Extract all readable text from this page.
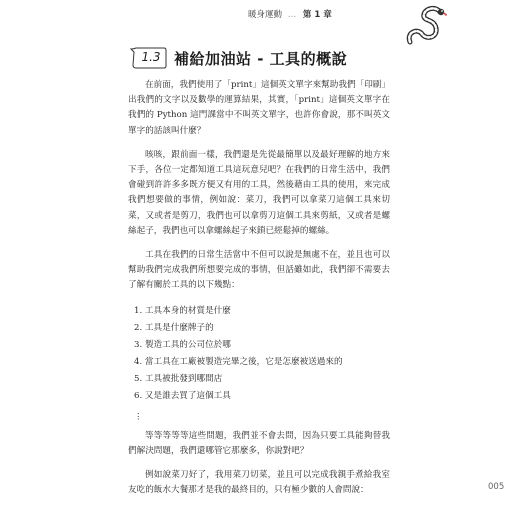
暖身運動 … 第 1 章
1.3 補給加油站 - 工具的概說

在前面，我們使用了「print」這個英文單字來幫助我們「印刷」出我們的文字以及數學的運算結果，其實，「print」這個英文單字在我們的 Python 這門課當中不叫英文單字，也許你會說，那不叫英文單字的話該叫什麼？

咳咳，跟前面一樣，我們還是先從最簡單以及最好理解的地方來下手，各位一定都知道工具這玩意兒吧？在我們的日常生活中，我們會碰到許許多多既方便又有用的工具，然後藉由工具的使用，來完成我們想要做的事情，例如說：菜刀，我們可以拿菜刀這個工具來切菜，又或者是剪刀，我們也可以拿剪刀這個工具來剪紙，又或者是螺絲起子，我們也可以拿螺絲起子來鎖已經鬆掉的螺絲。

工具在我們的日常生活當中不但可以說是無處不在，並且也可以幫助我們完成我們所想要完成的事情，但話雖如此，我們卻不需要去了解有關於工具的以下幾點：

1. 工具本身的材質是什麼
2. 工具是什麼牌子的
3. 製造工具的公司位於哪
4. 當工具在工廠被製造完畢之後，它是怎麼被送過來的
5. 工具被批發到哪間店
6. 又是誰去買了這個工具
⋮

等等等等等這些問題，我們並不會去問，因為只要工具能夠替我們解決問題，我們還哪管它那麼多，你說對吧？

例如說菜刀好了，我用菜刀切菜，並且可以完成我親手煮給我室友吃的飯水大餐那才是我的最終目的，只有極少數的人會問說：	005
